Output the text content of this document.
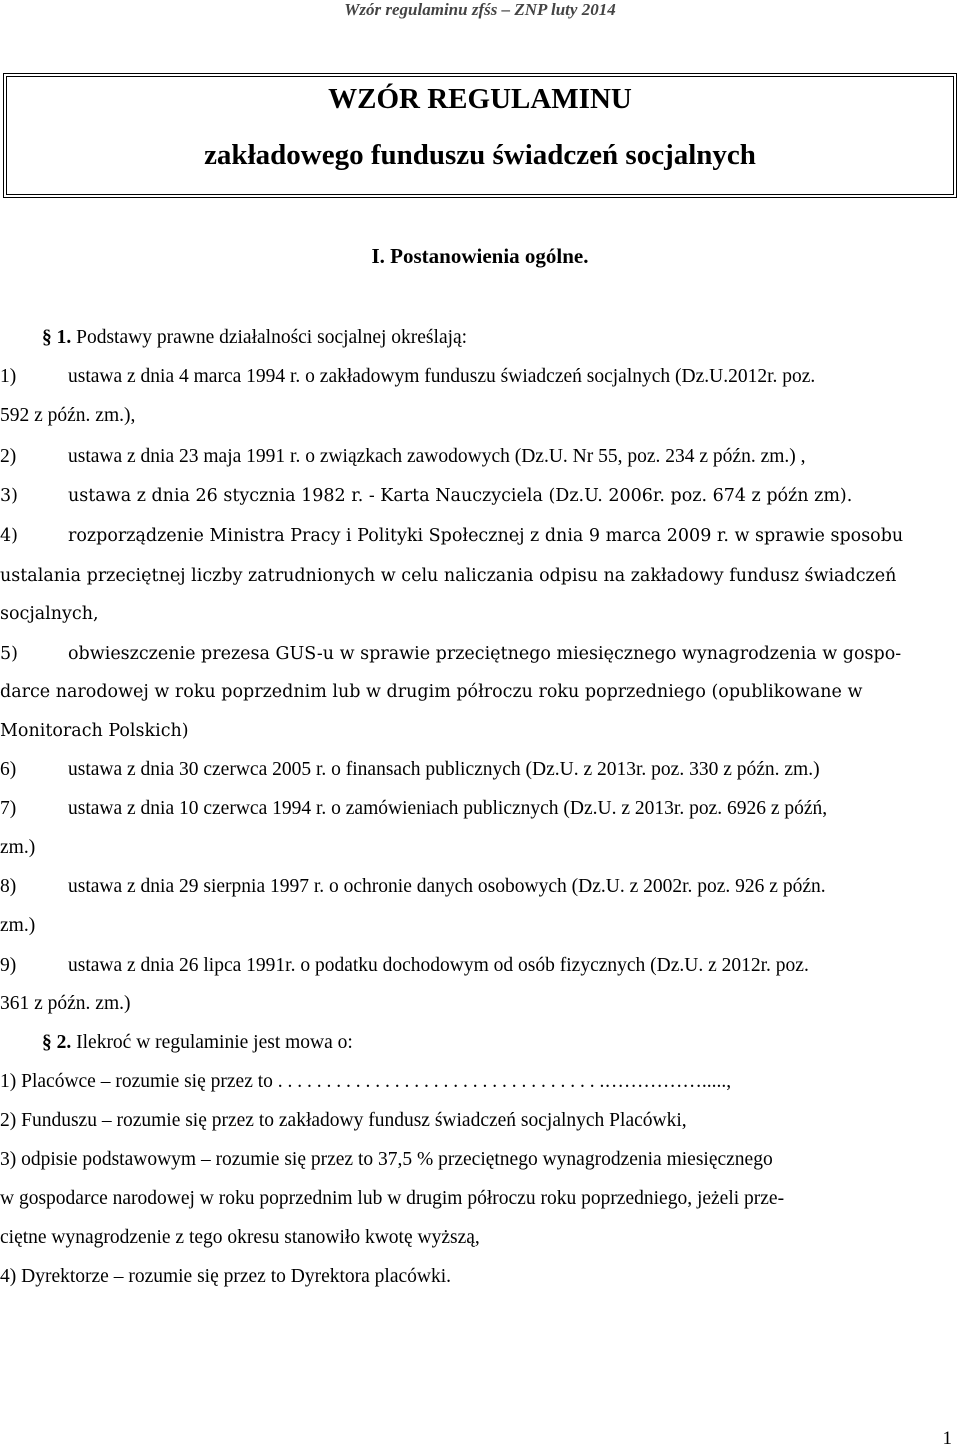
Wzór regulaminu zfśs – ZNP luty 2014
WZÓR REGULAMINU
zakładowego funduszu świadczeń socjalnych
I. Postanowienia ogólne.
§ 1. Podstawy prawne działalności socjalnej określają:
1)	ustawa z dnia 4 marca 1994 r. o zakładowym funduszu świadczeń socjalnych (Dz.U.2012r. poz.
592 z późn. zm.),
2)	ustawa z dnia 23 maja 1991 r. o związkach zawodowych (Dz.U. Nr 55, poz. 234 z późn. zm.) ,
3)	ustawa z dnia 26 stycznia 1982 r. - Karta Nauczyciela (Dz.U. 2006r. poz. 674 z późn zm).
4)	rozporządzenie Ministra Pracy i Polityki Społecznej z dnia 9 marca 2009 r. w sprawie sposobu
ustalania przeciętnej liczby zatrudnionych w celu naliczania odpisu na zakładowy fundusz świadczeń
socjalnych,
5)	obwieszczenie prezesa GUS-u w sprawie przeciętnego miesięcznego wynagrodzenia w gospo-
darce narodowej w roku poprzednim lub w drugim półroczu roku poprzedniego (opublikowane w
Monitorach Polskich)
6)	ustawa z dnia 30 czerwca 2005 r. o finansach publicznych (Dz.U. z 2013r. poz. 330 z późn. zm.)
7)	ustawa z dnia 10 czerwca 1994 r. o zamówieniach publicznych (Dz.U. z 2013r. poz. 6926 z późń,
zm.)
8)	ustawa z dnia 29 sierpnia 1997 r. o ochronie danych osobowych (Dz.U. z 2002r. poz. 926 z późn.
zm.)
9)	ustawa z dnia 26 lipca 1991r. o podatku dochodowym od osób fizycznych (Dz.U. z 2012r. poz.
361 z późn. zm.)
§ 2. Ilekroć w regulaminie jest mowa o:
1) Placówce – rozumie się przez to . . . . . . . . . . . . . . . . . . . . . . . . . . . . . . . . . .…………….....,
2) Funduszu – rozumie się przez to zakładowy fundusz świadczeń socjalnych Placówki,
3) odpisie podstawowym – rozumie się przez to 37,5 % przeciętnego wynagrodzenia miesięcznego
w gospodarce narodowej w roku poprzednim lub w drugim półroczu roku poprzedniego, jeżeli prze-
ciętne wynagrodzenie z tego okresu stanowiło kwotę wyższą,
4) Dyrektorze – rozumie się przez to Dyrektora placówki.
1
